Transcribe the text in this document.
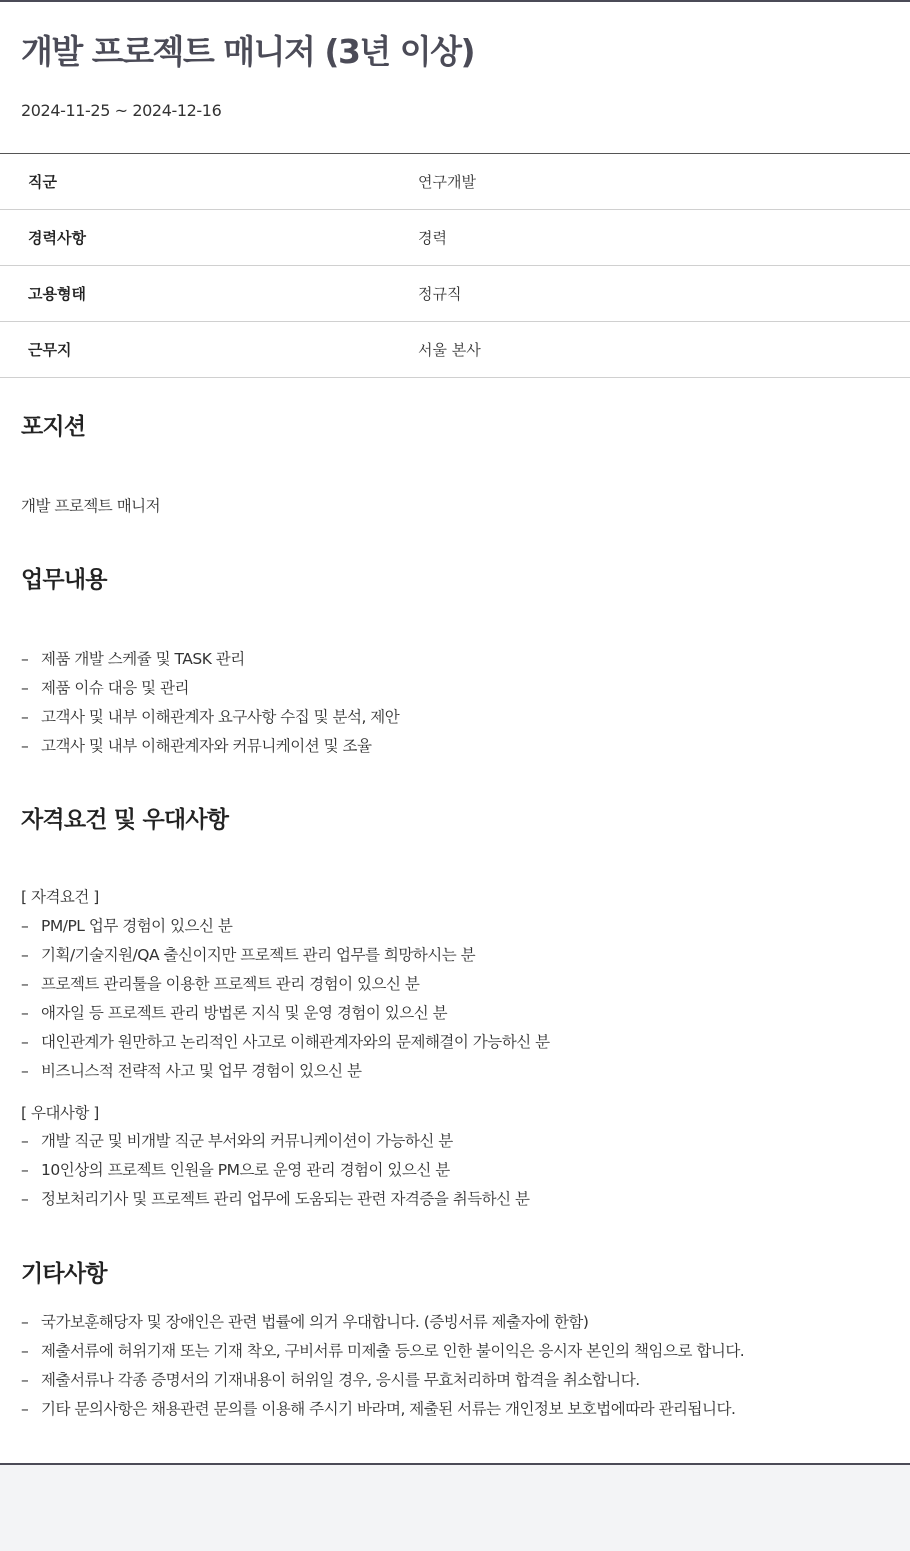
개발 프로젝트 매니저 (3년 이상)
2024-11-25 ~ 2024-12-16
직군	연구개발
경력사항	경력
고용형태	정규직
근무지	서울 본사
포지션

개발 프로젝트 매니저

업무내용
– 제품 개발 스케쥴 및 TASK 관리
– 제품 이슈 대응 및 관리
– 고객사 및 내부 이해관계자 요구사항 수집 및 분석, 제안
– 고객사 및 내부 이해관계자와 커뮤니케이션 및 조율
자격요건 및 우대사항

[ 자격요건 ]

– PM/PL 업무 경험이 있으신 분
– 기획/기술지원/QA 출신이지만 프로젝트 관리 업무를 희망하시는 분
– 프로젝트 관리툴을 이용한 프로젝트 관리 경험이 있으신 분
– 애자일 등 프로젝트 관리 방법론 지식 및 운영 경험이 있으신 분
– 대인관계가 원만하고 논리적인 사고로 이해관계자와의 문제해결이 가능하신 분
– 비즈니스적 전략적 사고 및 업무 경험이 있으신 분

[ 우대사항 ]

– 개발 직군 및 비개발 직군 부서와의 커뮤니케이션이 가능하신 분
– 10인상의 프로젝트 인원을 PM으로 운영 관리 경험이 있으신 분
– 정보처리기사 및 프로젝트 관리 업무에 도움되는 관련 자격증을 취득하신 분
기타사항
– 국가보훈해당자 및 장애인은 관련 법률에 의거 우대합니다. (증빙서류 제출자에 한함)
– 제출서류에 허위기재 또는 기재 착오, 구비서류 미제출 등으로 인한 불이익은 응시자 본인의 책임으로 합니다.
– 제출서류나 각종 증명서의 기재내용이 허위일 경우, 응시를 무효처리하며 합격을 취소합니다.
– 기타 문의사항은 채용관련 문의를 이용해 주시기 바라며, 제출된 서류는 개인정보 보호법에따라 관리됩니다.
